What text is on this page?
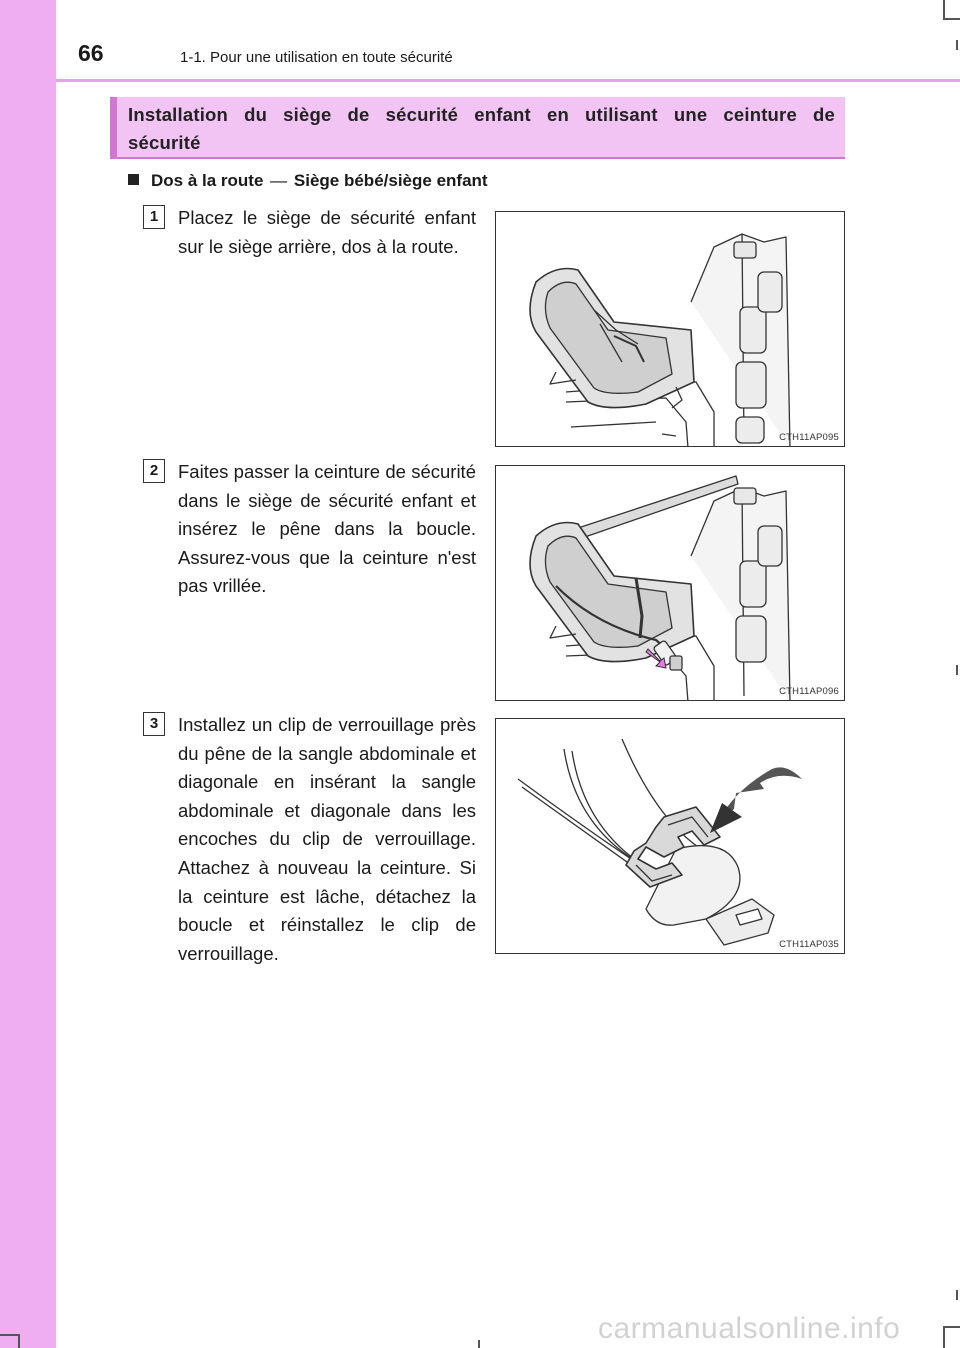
66	1-1. Pour une utilisation en toute sécurité

Installation du siège de sécurité enfant en utilisant une ceinture de sécurité

Dos à la route — Siège bébé/siège enfant
1	Placez le siège de sécurité enfant sur le siège arrière, dos à la route.
CTH11AP095
2	Faites passer la ceinture de sécurité dans le siège de sécurité enfant et insérez le pêne dans la boucle. Assurez-vous que la ceinture n'est pas vrillée.
CTH11AP096
3	Installez un clip de verrouillage près du pêne de la sangle abdominale et diagonale en insérant la sangle abdominale et diagonale dans les encoches du clip de verrouillage. Attachez à nouveau la ceinture. Si la ceinture est lâche, détachez la boucle et réinstallez le clip de verrouillage.	CTH11AP035
carmanualsonline.info
